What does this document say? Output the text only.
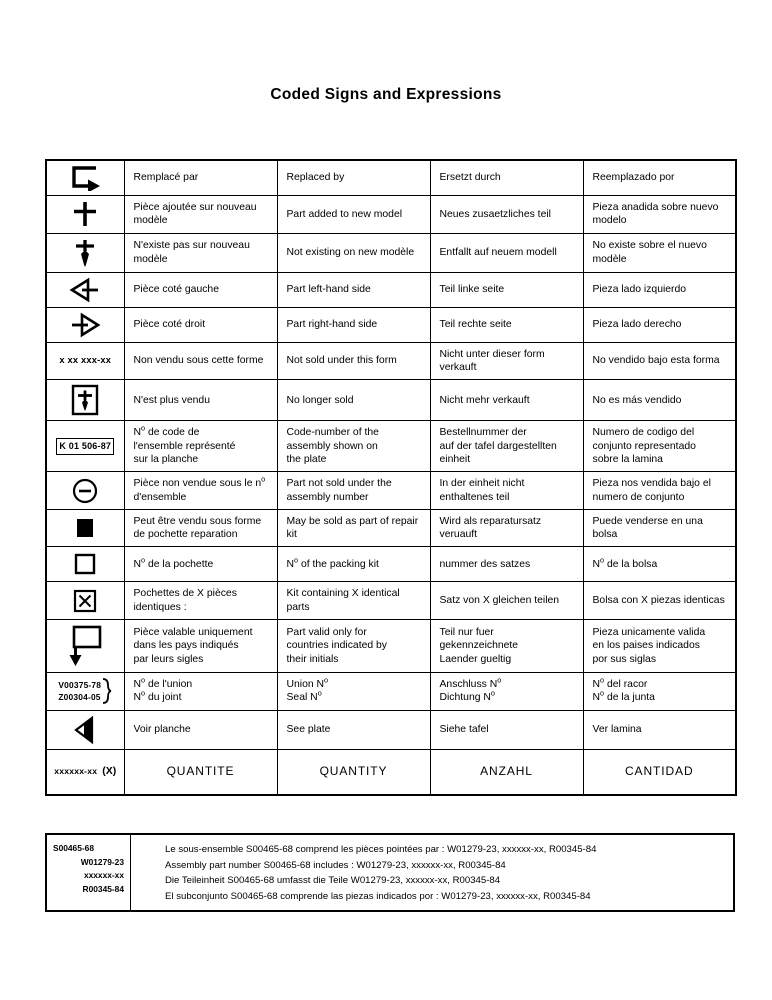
Coded Signs and Expressions
	Remplacé par	Replaced by	Ersetzt durch	Reemplazado por

	Pièce ajoutée sur nouveau modèle	Part added to new model	Neues zusaetzliches teil	Pieza anadida sobre nuevo modelo

	N'existe pas sur nouveau modèle	Not existing on new modèle	Entfallt auf neuem modell	No existe sobre el nuevo modèle

	Pièce coté gauche	Part left-hand side	Teil linke seite	Pieza lado izquierdo

	Pièce coté droit	Part right-hand side	Teil rechte seite	Pieza lado derecho

x xx xxx-xx	Non vendu sous cette forme	Not sold under this form	Nicht unter dieser form verkauft	No vendido bajo esta forma

	N'est plus vendu	No longer sold	Nicht mehr verkauft	No es más vendido

K 01 506-87	$N^o$ de code de
l'ensemble représenté
sur la planche	Code-number of the
assembly shown on
the plate	Bestellnummer der
auf der tafel dargestellten
einheit	Numero de codigo del
conjunto representado
sobre la lamina

	Pièce non vendue sous le $n^o$
d'ensemble	Part not sold under the assembly number	In der einheit nicht enthaltenes teil	Pieza nos vendida bajo el numero de conjunto

	Peut être vendu sous forme de pochette reparation	May be sold as part of repair kit	Wird als reparatursatz veruauft	Puede venderse en una bolsa

	$N^o$ de la pochette	$N^o$ of the packing kit	nummer des satzes	$N^o$ de la bolsa

	Pochettes de X pièces identiques :	Kit containing X identical parts	Satz von X gleichen teilen	Bolsa con X piezas identicas

	Pièce valable uniquement
dans les pays indiqués
par leurs sigles	Part valid only for
countries indicated by
their initials	Teil nur fuer
gekennzeichnete
Laender gueltig	Pieza unicamente valida
en los paises indicados
por sus siglas

V00375-78
Z00304-05
	$N^o$ de l'union
$N^o$ du joint	Union $N^o$
Seal $N^o$	Anschluss $N^o$
Dichtung $N^o$	$N^o$ del racor
$N^o$ de la junta

	Voir planche	See plate	Siehe tafel	Ver lamina

xxxxxx-xx (X)	QUANTITE	QUANTITY	ANZAHL	CANTIDAD
S00465-68
W01279-23
xxxxxx-xx
R00345-84
Le sous-ensemble S00465-68 comprend les pièces pointées par : W01279-23, xxxxxx-xx, R00345-84
Assembly part number S00465-68 includes : W01279-23, xxxxxx-xx, R00345-84
Die Teileinheit S00465-68 umfasst die Teile W01279-23, xxxxxx-xx, R00345-84
El subconjunto S00465-68 comprende las piezas indicados por : W01279-23, xxxxxx-xx, R00345-84
